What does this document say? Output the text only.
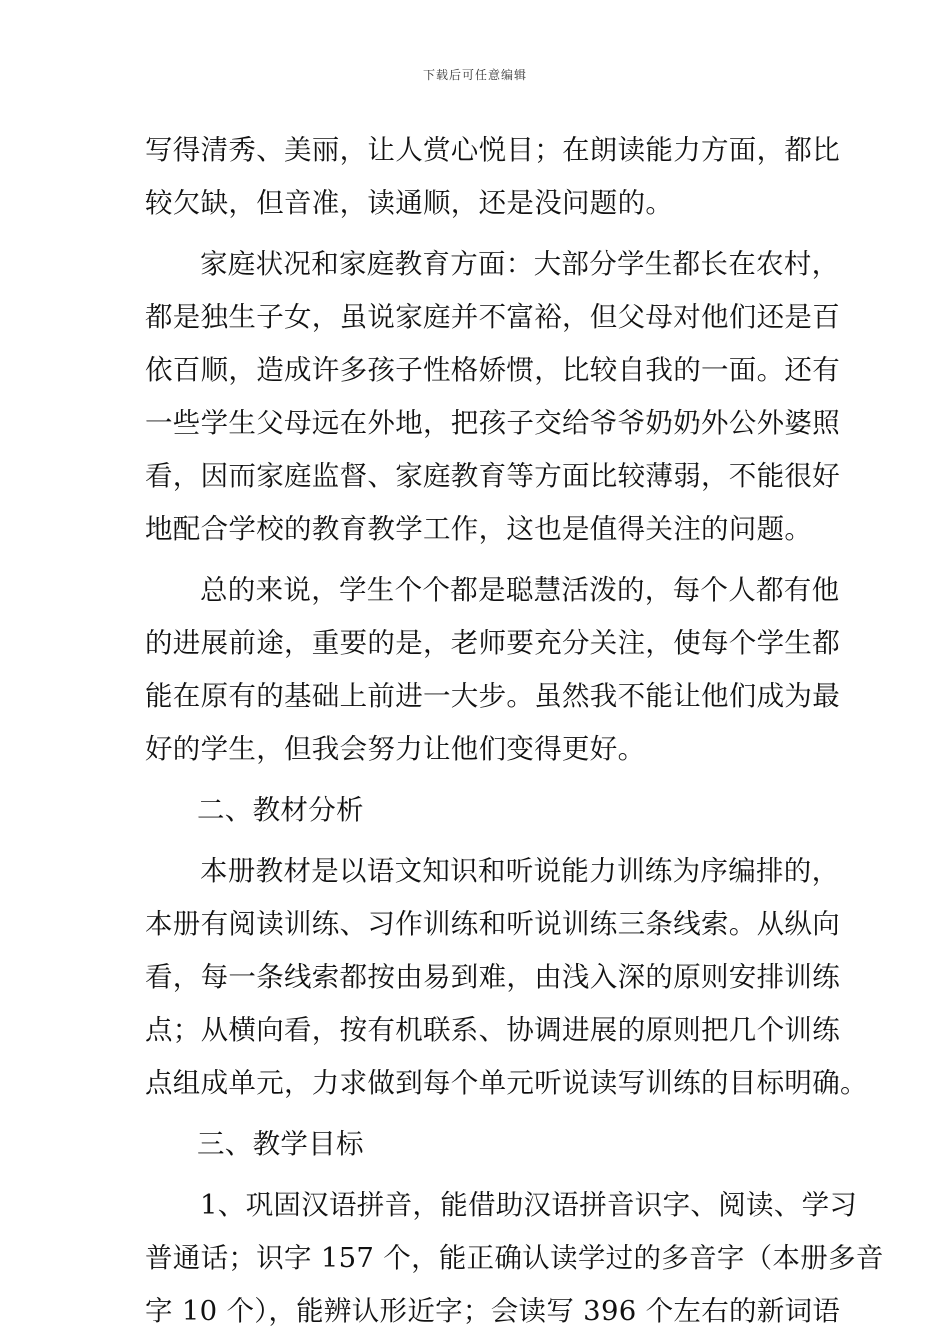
下载后可任意编辑
写得清秀、美丽，让人赏心悦目；在朗读能力方面，都比
较欠缺，但音准，读通顺，还是没问题的。
家庭状况和家庭教育方面：大部分学生都长在农村，
都是独生子女，虽说家庭并不富裕，但父母对他们还是百
依百顺，造成许多孩子性格娇惯，比较自我的一面。还有
一些学生父母远在外地，把孩子交给爷爷奶奶外公外婆照
看，因而家庭监督、家庭教育等方面比较薄弱，不能很好
地配合学校的教育教学工作，这也是值得关注的问题。
总的来说，学生个个都是聪慧活泼的，每个人都有他
的进展前途，重要的是，老师要充分关注，使每个学生都
能在原有的基础上前进一大步。虽然我不能让他们成为最
好的学生，但我会努力让他们变得更好。
二、教材分析
本册教材是以语文知识和听说能力训练为序编排的，
本册有阅读训练、习作训练和听说训练三条线索。从纵向
看，每一条线索都按由易到难，由浅入深的原则安排训练
点；从横向看，按有机联系、协调进展的原则把几个训练
点组成单元，力求做到每个单元听说读写训练的目标明确。
三、教学目标
1、巩固汉语拼音，能借助汉语拼音识字、阅读、学习
普通话；识字 157 个，能正确认读学过的多音字（本册多音
字 10 个），能辨认形近字；会读写 396 个左右的新词语
